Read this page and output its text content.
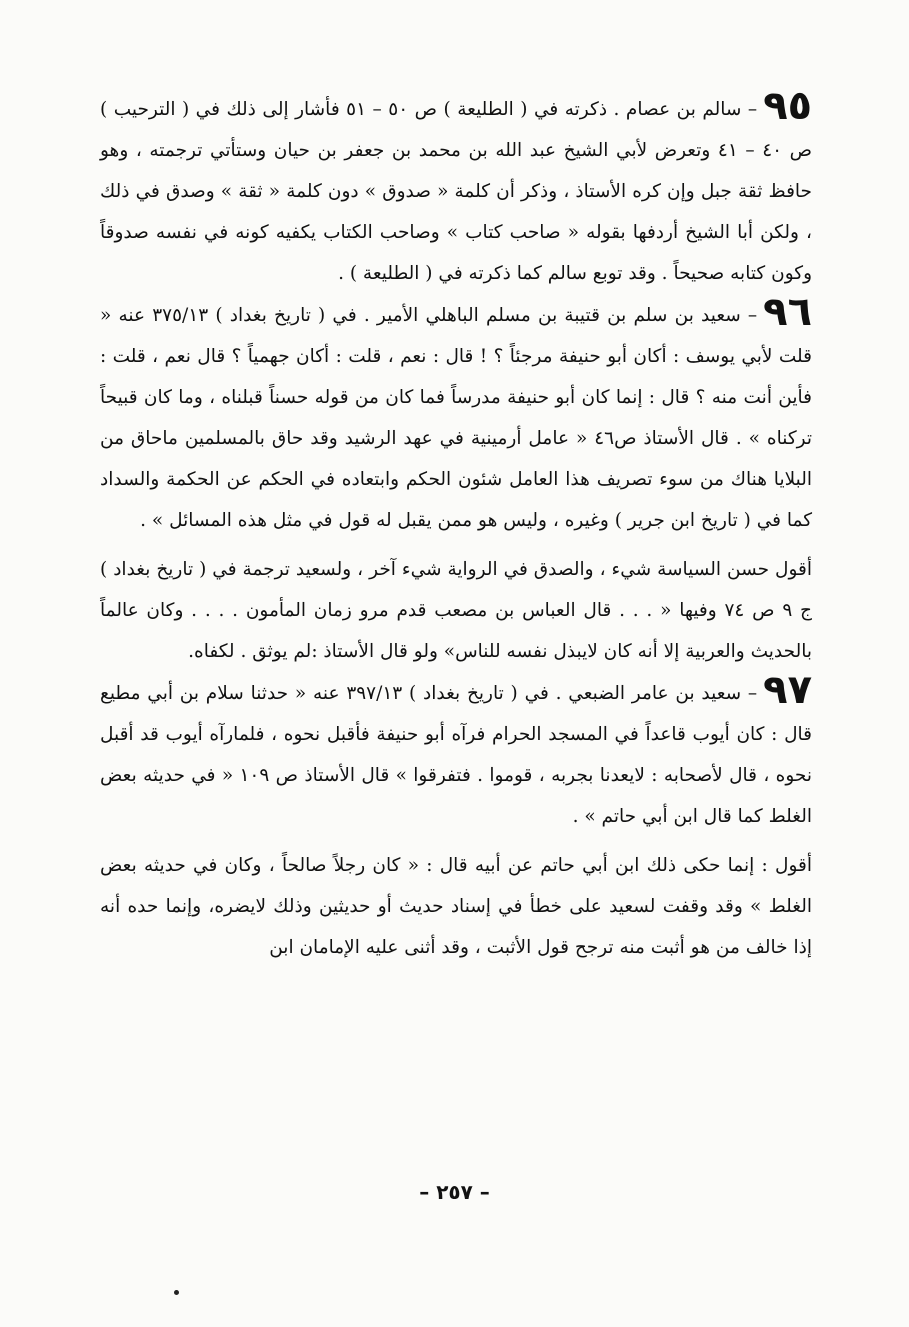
٩٥– سالم بن عصام . ذكرته في ( الطليعة ) ص ٥٠ – ٥١ فأشار إلى ذلك في ( الترحيب ) ص ٤٠ – ٤١ وتعرض لأبي الشيخ عبد الله بن محمد بن جعفر بن حيان وستأتي ترجمته ، وهو حافظ ثقة جبل وإن كره الأستاذ ، وذكر أن كلمة « صدوق » دون كلمة « ثقة » وصدق في ذلك ، ولكن أبا الشيخ أردفها بقوله « صاحب كتاب » وصاحب الكتاب يكفيه كونه في نفسه صدوقاً وكون كتابه صحيحاً . وقد توبع سالم كما ذكرته في ( الطليعة ) .

٩٦– سعيد بن سلم بن قتيبة بن مسلم الباهلي الأمير . في ( تاريخ بغداد ) ٣٧٥/١٣ عنه « قلت لأبي يوسف : أكان أبو حنيفة مرجئاً ؟ ! قال : نعم ، قلت : أكان جهمياً ؟ قال نعم ، قلت : فأين أنت منه ؟ قال : إنما كان أبو حنيفة مدرساً فما كان من قوله حسناً قبلناه ، وما كان قبيحاً تركناه » . قال الأستاذ ص٤٦ « عامل أرمينية في عهد الرشيد وقد حاق بالمسلمين ماحاق من البلايا هناك من سوء تصريف هذا العامل شئون الحكم وابتعاده في الحكم عن الحكمة والسداد كما في ( تاريخ ابن جرير ) وغيره ، وليس هو ممن يقبل له قول في مثل هذه المسائل » .

أقول حسن السياسة شيء ، والصدق في الرواية شيء آخر ، ولسعيد ترجمة في ( تاريخ بغداد ) ج ٩ ص ٧٤ وفيها « . . . قال العباس بن مصعب قدم مرو زمان المأمون . . . . وكان عالماً بالحديث والعربية إلا أنه كان لايبذل نفسه للناس» ولو قال الأستاذ :لم يوثق . لكفاه.

٩٧– سعيد بن عامر الضبعي . في ( تاريخ بغداد ) ٣٩٧/١٣ عنه « حدثنا سلام بن أبي مطيع قال : كان أيوب قاعداً في المسجد الحرام فرآه أبو حنيفة فأقبل نحوه ، فلمارآه أيوب قد أقبل نحوه ، قال لأصحابه : لايعدنا بجربه ، قوموا . فتفرقوا » قال الأستاذ ص ١٠٩ « في حديثه بعض الغلط كما قال ابن أبي حاتم » .

أقول : إنما حكى ذلك ابن أبي حاتم عن أبيه قال : « كان رجلاً صالحاً ، وكان في حديثه بعض الغلط » وقد وقفت لسعيد على خطأ في إسناد حديث أو حديثين وذلك لايضره، وإنما حده أنه إذا خالف من هو أثبت منه ترجح قول الأثبت ، وقد أثنى عليه الإمامان ابن

– ٢٥٧ –
